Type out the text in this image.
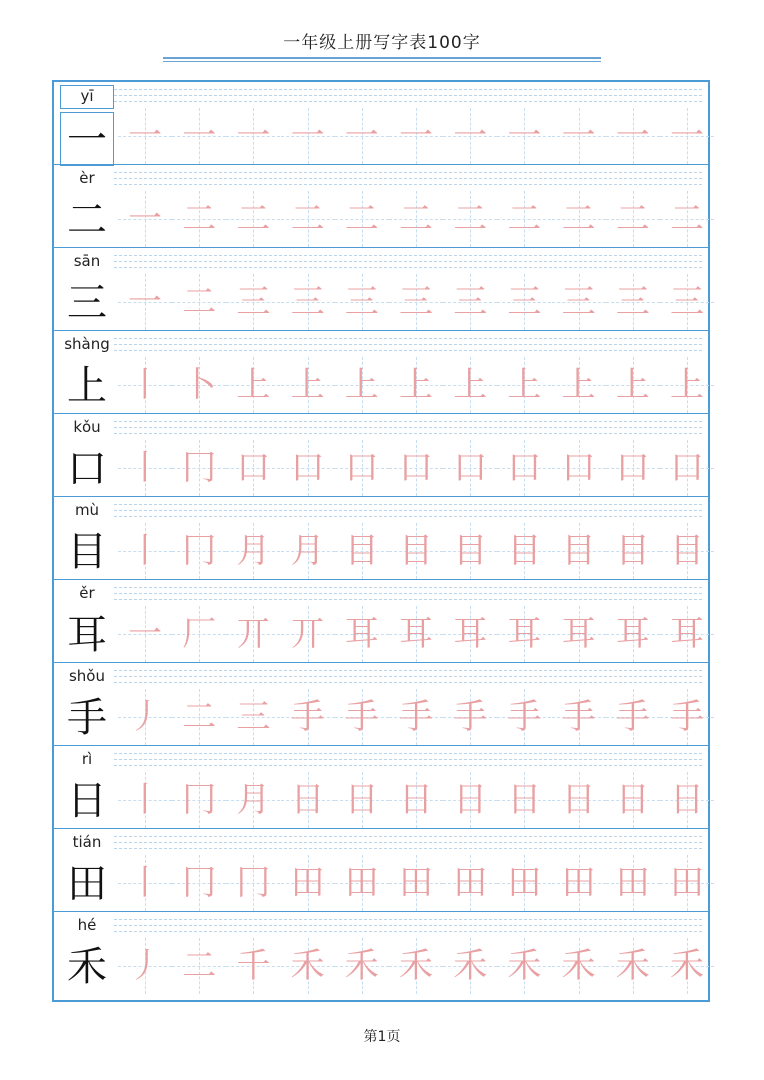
一年级上册写字表100字
yī
一 一 一 一 一 一 一 一 一 一 一 一
èr
二 一 二 二 二 二 二 二 二 二 二 二
sān
三 一 二 三 三 三 三 三 三 三 三 三
shàng
上 丨 卜 上 上 上 上 上 上 上 上 上
kǒu
口 丨 冂 口 口 口 口 口 口 口 口 口
mù
目 丨 冂 月 月 目 目 目 目 目 目 目
ěr
耳 一 厂 丌 丌 耳 耳 耳 耳 耳 耳 耳
shǒu
手 丿 二 三 手 手 手 手 手 手 手 手
rì
日 丨 冂 月 日 日 日 日 日 日 日 日
tián
田 丨 冂 冂 田 田 田 田 田 田 田 田
hé
禾 丿 二 千 禾 禾 禾 禾 禾 禾 禾 禾
第1页
